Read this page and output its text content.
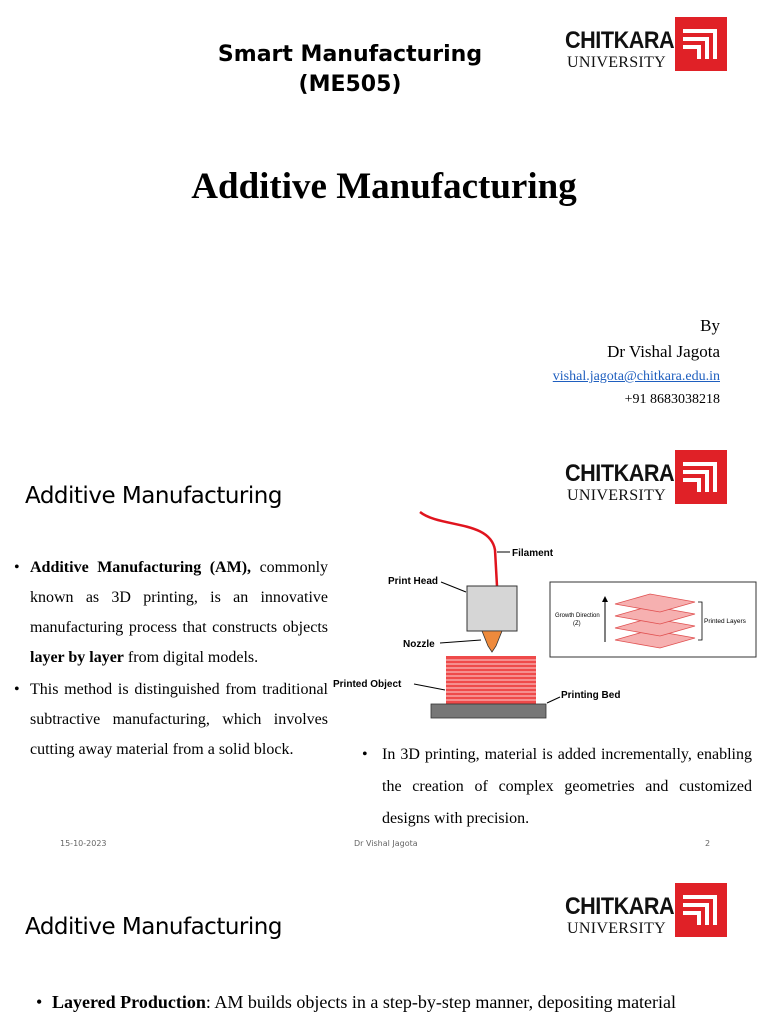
Smart Manufacturing
(ME505)
CHITKARA
UNIVERSITY
Additive Manufacturing
By
Dr Vishal Jagota
vishal.jagota@chitkara.edu.in
+91 8683038218
Additive Manufacturing
CHITKARA
UNIVERSITY
• Additive Manufacturing (AM), commonly known as 3D printing, is an innovative manufacturing process that constructs objects layer by layer from digital models.
• This method is distinguished from traditional subtractive manufacturing, which involves cutting away material from a solid block.
Filament
Print Head
Nozzle
Printed Object
Printing Bed
Growth Direction
(Z)	Printed Layers
• In 3D printing, material is added incrementally, enabling the creation of complex geometries and customized designs with precision.
15-10-2023	Dr Vishal Jagota	2
Additive Manufacturing
CHITKARA
UNIVERSITY
• Layered Production: AM builds objects in a step-by-step manner, depositing material
